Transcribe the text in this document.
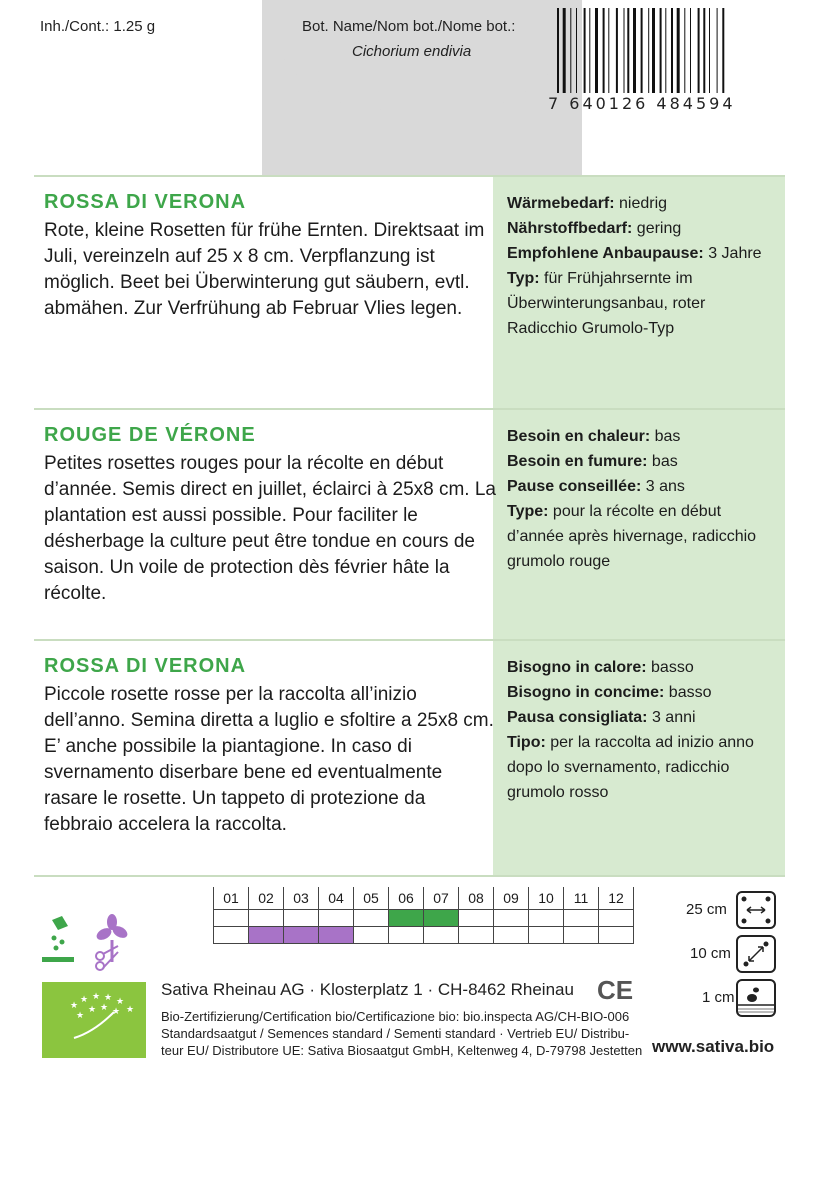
Inh./Cont.: 1.25 g	Bot. Name/Nom bot./Nome bot.:
Cichorium endivia
7 640126 484594
Wärmebedarf: niedrig
Nährstoffbedarf: gering
Empfohlene Anbaupause: 3 Jahre
Typ: für Frühjahrsernte im Überwinterungsanbau, roter Radicchio Grumolo-Typ
ROSSA DI VERONA
Rote, kleine Rosetten für frühe Ernten. Direktsaat im Juli, vereinzeln auf 25 x 8 cm. Verpflanzung ist möglich. Beet bei Überwinterung gut säubern, evtl. abmähen. Zur Verfrühung ab Februar Vlies legen.
Besoin en chaleur: bas
Besoin en fumure: bas
Pause conseillée: 3 ans
Type: pour la récolte en début d’année après hivernage, radicchio grumolo rouge
ROUGE DE VÉRONE
Petites rosettes rouges pour la récolte en début d’année. Semis direct en juillet, éclairci à 25x8 cm. La plantation est aussi possible. Pour faciliter le désherbage la culture peut être tondue en cours de saison. Un voile de protection dès février hâte la récolte.
Bisogno in calore: basso
Bisogno in concime: basso
Pausa consigliata: 3 anni
Tipo: per la raccolta ad inizio anno dopo lo svernamento, radicchio grumolo rosso
ROSSA DI VERONA
Piccole rosette rosse per la raccolta all’inizio dell’anno. Semina diretta a luglio e sfoltire a 25x8 cm. E’ anche possibile la piantagione. In caso di svernamento diserbare bene ed eventualmente rasare le rosette. Un tappeto di protezione da febbraio accelera la raccolta.
01	02	03	04	05	06	07	08	09	10	11	12

25 cm
10 cm
1 cm
★
★ ★ ★ ★
★
★
★ ★ ★
Sativa Rheinau AG · Klosterplatz 1 · CH-8462 Rheinau CE
Bio-Zertifizierung/Certification bio/Certificazione bio: bio.inspecta AG/CH-BIO-006
Standardsaatgut / Semences standard / Sementi standard · Vertrieb EU/ Distribu-
teur EU/ Distributore UE: Sativa Biosaatgut GmbH, Keltenweg 4, D-79798 Jestetten www.sativa.bio
